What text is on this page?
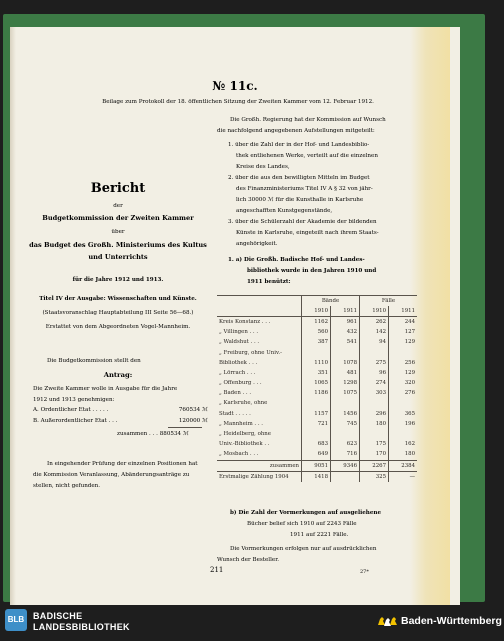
№ 11c.
Beilage zum Protokoll der 18. öffentlichen Sitzung der Zweiten Kammer vom 12. Februar 1912.
Bericht
der
Budgetkommission der Zweiten Kammer
über
das Budget des Großh. Ministeriums des Kultus
und Unterrichts
für die Jahre 1912 und 1913.
Titel IV der Ausgabe: Wissenschaften und Künste.
(Staatsvoranschlag Hauptabteilung III Seite 56—68.)
Erstattet von dem Abgeordneten Vogel-Mannheim.
Die Budgetkommission stellt den
Antrag:
Die Zweite Kammer wolle in Ausgabe für die Jahre
1912 und 1913 genehmigen:
A. Ordentlicher Etat . . . . .	760534 ℳ
B. Außerordentlicher Etat . . .	120000 ℳ
zusammen . . . 880534 ℳ
In eingehender Prüfung der einzelnen Positionen hat
die Kommission Veranlassung, Abänderungsanträge zu
stellen, nicht gefunden.
Die Großh. Regierung hat der Kommission auf Wunsch
die nachfolgend angegebenen Aufstellungen mitgeteilt:
1. über die Zahl der in der Hof- und Landesbiblio-
thek entliehenen Werke, verteilt auf die einzelnen
Kreise des Landes,
2. über die aus den bewilligten Mitteln im Budget
des Finanzministeriums Titel IV A § 32 von jähr-
lich 30000 ℳ für die Kunsthalle in Karlsruhe
angeschafften Kunstgegenstände,
3. über die Schülerzahl der Akademie der bildenden
Künste in Karlsruhe, eingeteilt nach ihrem Staats-
angehörigkeit.
1. a) Die Großh. Badische Hof- und Landes-
bibliothek wurde in den Jahren 1910 und
1911 benützt:
	Bände		Fälle	
	1910	1911	1910	1911
Kreis Konstanz . . .	1162	961	262	244
„ Villingen . . .	560	432	142	127
„ Waldshut . . .	387	541	94	129
„ Freiburg, ohne Univ.-				
Bibliothek . . .	1110	1078	275	256
„ Lörrach . . .	351	481	96	129
„ Offenburg . . .	1065	1298	274	320
„ Baden . . .	1186	1075	303	276
„ Karlsruhe, ohne				
Stadt . . . . .	1157	1456	296	365
„ Mannheim . . .	721	745	180	196
„ Heidelberg, ohne				
Univ.-Bibliothek . .	683	623	175	162
„ Mosbach . . .	649	716	170	180
zusammen	9051	9346	2267	2384
Erstmalige Zählung 1904	1418		325	—
b) Die Zahl der Vormerkungen auf ausgeliehene
Bücher belief sich 1910 auf 2243 Fälle
1911 auf 2221 Fälle.
Die Vormerkungen erfolgen nur auf ausdrücklichen
Wunsch der Besteller.
211	27*
BLB BADISCHE
LANDESBIBLIOTHEK	Baden-Württemberg
